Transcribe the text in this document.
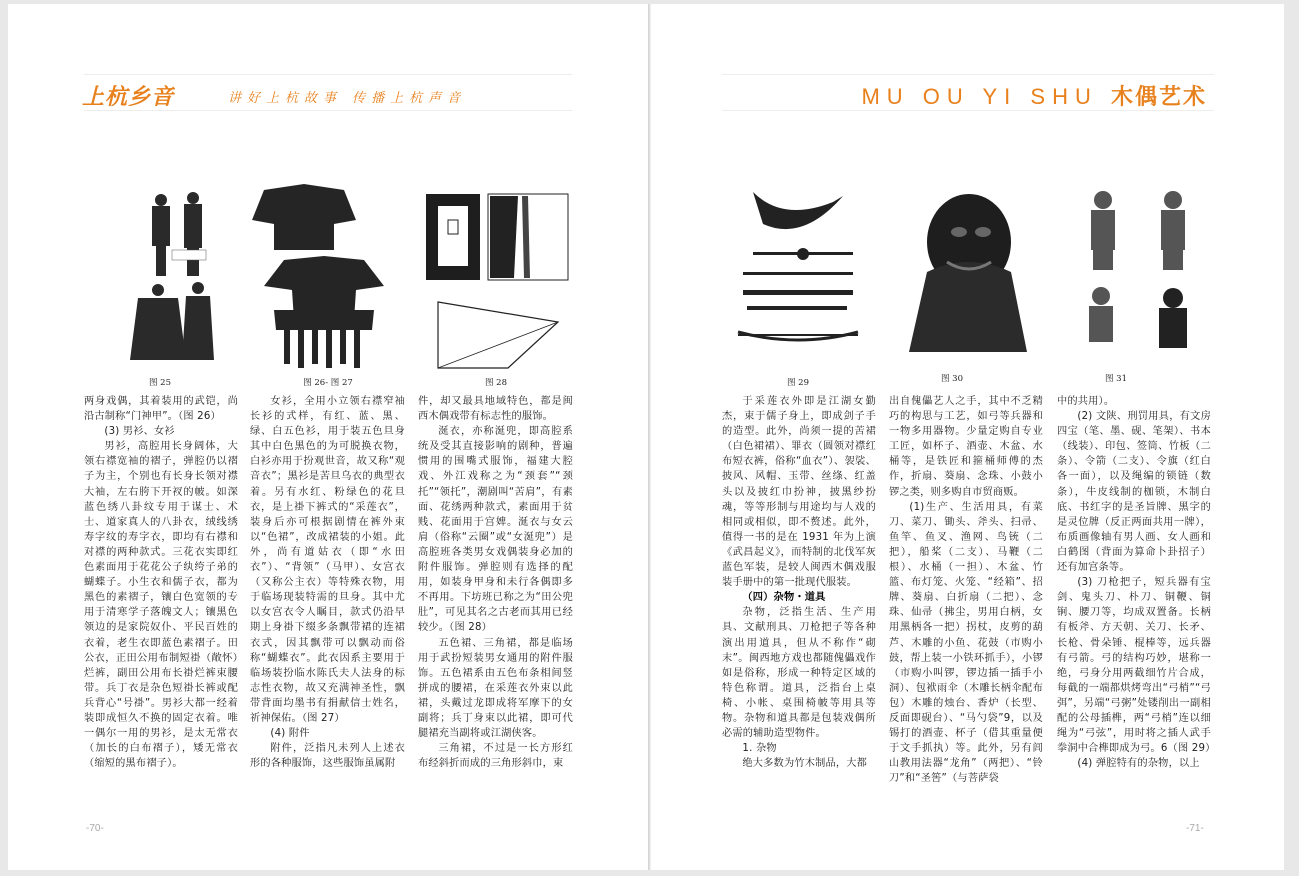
上杭乡音	讲好上杭故事 传播上杭声音	MU OU YI SHU 木偶艺术
图 25	图 26- 图 27	图 28	图 29	图 30	图 31

两身戏偶，其着装用的武铠，尚沿古制称“门神甲”。（图 26）

(3) 男衫、女衫

男衫，高腔用长身阔体，大领右襟宽袖的褶子，弹腔仍以褶子为主，个别也有长身长领对襟大袖，左右胯下开衩的帔。如深蓝色绣八卦纹专用于谋士、术士、道家真人的八卦衣，绒线绣寿字纹的寿字衣，即均有右襟和对襟的两种款式。三花衣实即红色素面用于花花公子纨绔子弟的蝴蝶子。小生衣和儒子衣，都为黑色的素褶子，镶白色宽领的专用于清寒学子落魄文人；镶黑色领边的是家院奴仆、平民百姓的衣着，老生衣即蓝色素褶子。田公衣，正田公用布制短褂（敞怀）烂裤，副田公用布长褂烂裤束腰带。兵丁衣是杂色短褂长裤或配兵背心“号褂”。男衫大都一经着装即成恒久不换的固定衣着。唯一偶尔一用的男衫，是太无常衣（加长的白布褶子），矮无常衣（缩短的黑布褶子）。

女衫，全用小立领右襟窄袖长衫的式样，有红、蓝、黑、绿、白五色衫，用于装五色旦身其中白色黑色的为可脱换衣物，白衫亦用于扮观世音，故又称“观音衣”；黑衫是苦旦乌衣的典型衣着。另有水红、粉绿色的花旦衣，是上褂下裤式的“采莲衣”，装身后亦可根据剧情在裤外束以“色裙”，改成裙装的小姐。此外，尚有道姑衣（即“水田衣”）、“背领”（马甲）、女宫衣（又称公主衣）等特殊衣物，用于临场现装特需的旦身。其中尤以女宫衣令人瞩目，款式仍沿早期上身褂下缀多条飘带裙的连裙衣式，因其飘带可以飘动而俗称“蝴蝶衣”。此衣因系主要用于临场装扮临水陈氏夫人法身的标志性衣物，故又充满神圣性，飘带背面均墨书有捐献信士姓名，祈神保佑。（图 27）

(4) 附件

附件，泛指凡未列人上述衣形的各种服饰，这些服饰虽属附

件，却又最具地域特色，都是闽西木偶戏带有标志性的服饰。

涎衣，亦称涎兜，即高腔系统及受其直接影响的剧种，普遍惯用的围嘴式服饰，福建大腔戏、外江戏称之为“颈套”“颈托”“领托”，潮剧叫“苦肩”，有素面、花绣两种款式，素面用于贫贱、花面用于宫婢。涎衣与女云肩（俗称“云圈”或“女涎兜”）是高腔班各类男女戏偶装身必加的附件服饰。弹腔则有选择的配用，如装身甲身和未行各偶即多不再用。下坊班已称之为“田公兜肚”，可见其名之古老而其用已经较少。（图 28）

五色裙、三角裙，都是临场用于武扮短装男女通用的附件服饰。五色裙系由五色布条相间竖拼成的腰裙，在采莲衣外束以此裙，头戴过龙即成将军摩下的女副将；兵丁身束以此裙，即可代腿裙充当副将或江湖侠客。

三角裙，不过是一长方形红布经斜折而成的三角形斜巾，束

于采莲衣外即是江湖女勤杰，束于儒子身上，即成剑子手的造型。此外，尚须一提的苦裙（白色裙裙）、罪衣（圆领对襟红布短衣裤，俗称“血衣”）、袈裟、披风、风帽、玉带、丝绦、红盖头以及披红巾扮神，披黑纱扮魂，等等形制与用途均与人戏的相同或相似，即不赘述。此外，值得一书的是在 1931 年为上演《武昌起义》，而特制的北伐军灰蓝色军装，是较人闽西木偶戏服装手册中的第一批现代服装。

（四）杂物・道具

杂物，泛指生活、生产用具、文献刑具、刀枪把子等各种演出用道具，但从不称作“砌末”。闽西地方戏也都随傀儡戏作如是俗称，形成一种特定区域的特色称谓。道具，泛指台上桌椅、小帐、桌围椅帔等用具等物。杂物和道具都是包装戏偶所必需的辅助造型物件。

1. 杂物

绝大多数为竹木制品，大都

出自傀儡艺人之手，其中不乏精巧的构思与工艺，如弓等兵器和一物多用器物。少量定购自专业工匠，如杯子、酒壶、木盆、水桶等，是铁匠和箍桶师傅的杰作，折扇、葵扇、念珠、小鼓小锣之类，则多购自市贸商贩。

(1)生产、生活用具，有菜刀、菜刀、锄头、斧头、扫帚、鱼竿、鱼叉、渔网、鸟铳（二把），船桨（二支）、马鞭（二根）、水桶（一担）、木盆、竹篮、布灯笼、火笼、“经箱”、招牌、葵扇、白折扇（二把）、念珠、仙帚（拂尘，男用白柄，女用黑柄各一把）拐杖，皮剪的葫芦、木雕的小鱼、花鼓（市购小鼓，帮上装一小铁环抓手），小锣（市购小叫锣，锣边插一插手小洞）、包袱雨伞（木雕长柄伞配布包）木雕的烛台、香炉（长型、反面即砚台）、“马勺袋”9，以及锡打的酒壶、杯子（借其重量便于文手抓执）等。此外，另有闾山教用法器“龙角”（两把）、“铃刀”和“圣筶”（与菩萨袋

中的共用）。

(2) 文陕、刑罚用具，有文房四宝（笔、墨、砚、笔架）、书本（线装）、印包、签筒、竹板（二条）、令箭（二支）、令旗（红白各一面），以及绳编的锁链（数条），牛皮线制的枷锁，木制白底、书红字的是圣旨牌、黑字的是灵位牌（反正两面共用一牌），布质画像轴有男人画、女人画和白鹤图（背面为算命卜卦招子）还有加宫条等。

(3) 刀枪把子，短兵器有宝剑、鬼头刀、朴刀、铜鞭、铜锏、腰刀等，均成双置备。长柄有板斧、方天朝、关刀、长矛、长枪、骨朵锤、棍棒等，远兵器有弓箭。弓的结构巧妙，堪称一绝，弓身分用两截细竹片合成，每截的一端都烘烤弯出“弓梢”“弓弭”，另端“弓粥”处镂削出一副相配的公母插榫，两“弓梢”连以细绳为“弓弦”，用时将之插人武手拳洞中合榫即成为弓。6（图 29）

(4) 弹腔特有的杂物，以上

-70-	-71-
